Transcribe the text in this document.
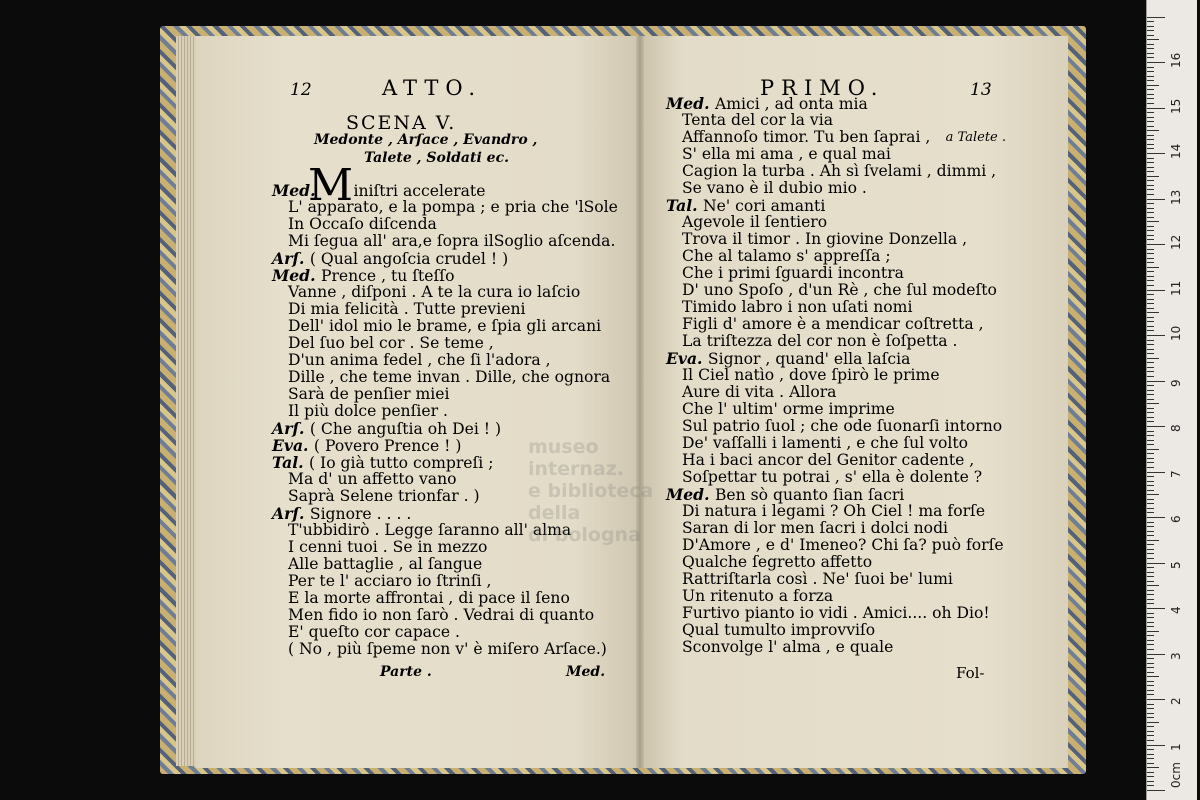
12	ATTO.
SCENA V.
Medonte , Arſace , Evandro ,
Talete , Soldati ec.
Med. iniſtri accelerate
M
L' apparato, e la pompa ; e pria che 'lSole
In Occaſo diſcenda
Mi ſegua all' ara,e ſopra ilSoglio aſcenda.
Arſ. ( Qual angoſcia crudel ! )
Med. Prence , tu ſteſſo
Vanne , diſponi . A te la cura io laſcio
Di mia felicità . Tutte previeni
Dell' idol mio le brame, e ſpia gli arcani
Del ſuo bel cor . Se teme ,
D'un anima fedel , che ſi l'adora ,
Dille , che teme invan . Dille, che ognora
Sarà de penſier miei
Il più dolce penſier .
Arſ. ( Che anguſtia oh Dei ! )
Eva. ( Povero Prence ! )
Tal. ( Io già tutto compreſi ;
Ma d' un affetto vano
Saprà Selene trionfar . )
Arſ. Signore . . . .
T'ubbidirò . Legge ſaranno all' alma
I cenni tuoi . Se in mezzo
Alle battaglie , al ſangue
Per te l' acciaro io ſtrinſi ,
E la morte affrontai , di pace il ſeno
Men fido io non ſarò . Vedrai di quanto
E' queſto cor capace .
( No , più ſpeme non v' è miſero Arſace.)
Parte .	Med.
PRIMO.	13
Med. Amici , ad onta mia
Tenta del cor la via
Affannoſo timor. Tu ben ſaprai , a Talete .
S' ella mi ama , e qual mai
Cagion la turba . Ah sì ſvelami , dimmi ,
Se vano è il dubio mio .
Tal. Ne' cori amanti
Agevole il ſentiero
Trova il timor . In giovine Donzella ,
Che al talamo s' appreſſa ;
Che i primi ſguardi incontra
D' uno Spoſo , d'un Rè , che ſul modeſto
Timido labro i non uſati nomi
Figli d' amore è a mendicar coſtretta ,
La triſtezza del cor non è ſoſpetta .
Eva. Signor , quand' ella laſcia
Il Ciel natìo , dove ſpirò le prime
Aure di vita . Allora
Che l' ultim' orme imprime
Sul patrio ſuol ; che ode ſuonarſi intorno
De' vaſſalli i lamenti , e che ſul volto
Ha i baci ancor del Genitor cadente ,
Soſpettar tu potrai , s' ella è dolente ?
Med. Ben sò quanto ſian ſacri
Di natura i legami ? Oh Ciel ! ma forſe
Saran di lor men ſacri i dolci nodi
D'Amore , e d' Imeneo? Chi ſa? può forſe
Qualche ſegretto affetto
Rattriſtarla così . Ne' ſuoi be' lumi
Un ritenuto a forza
Furtivo pianto io vidi . Amici.... oh Dio!
Qual tumulto improvviſo
Sconvolge l' alma , e quale
Fol-
museo internaz.
e biblioteca della
di bologna
0cm
1
2
3
4
5
6
7
8
9
10
11
12
13
14
15
16
